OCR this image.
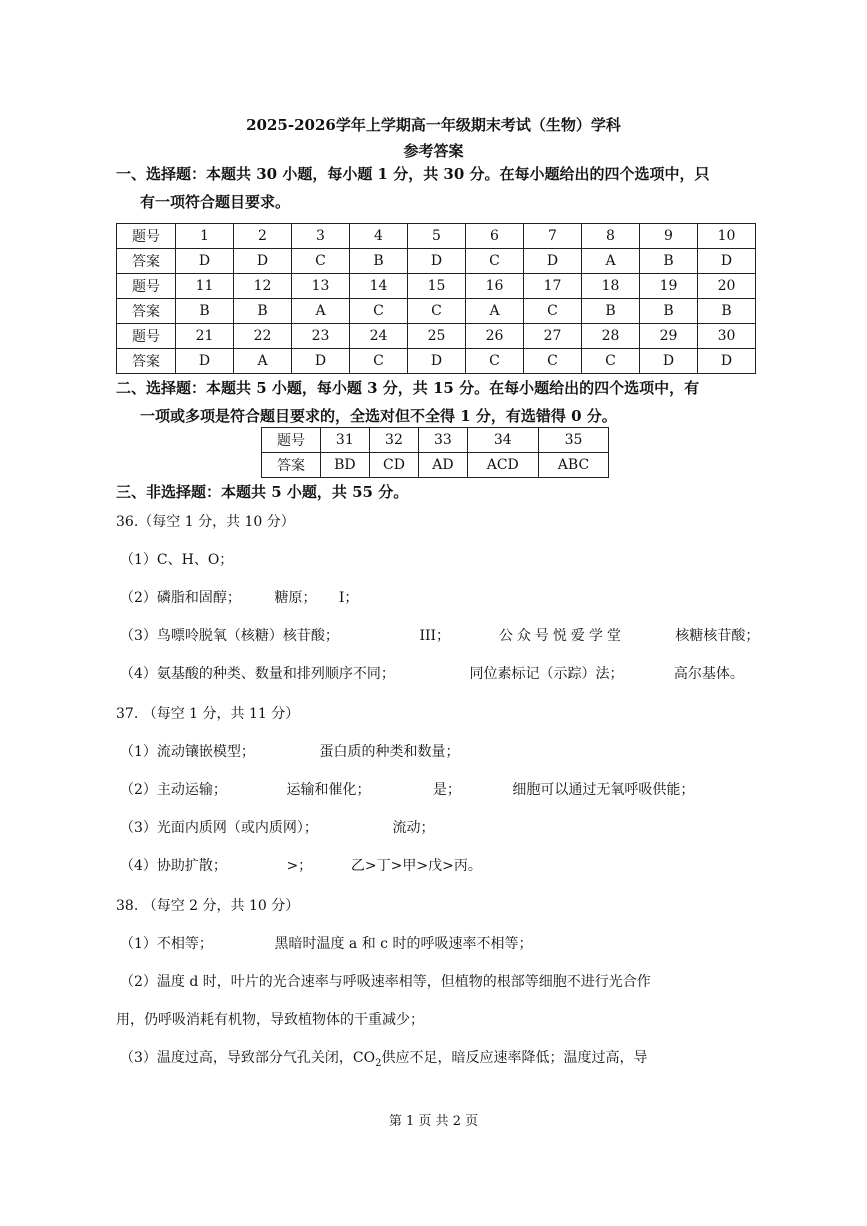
2025-2026学年上学期高一年级期末考试（生物）学科
参考答案
一、选择题：本题共 30 小题，每小题 1 分，共 30 分。在每小题给出的四个选项中，只
有一项符合题目要求。
题号	1	2	3	4	5	6	7	8	9	10
答案	D	D	C	B	D	C	D	A	B	D
题号	11	12	13	14	15	16	17	18	19	20
答案	B	B	A	C	C	A	C	B	B	B
题号	21	22	23	24	25	26	27	28	29	30
答案	D	A	D	C	D	C	C	C	D	D
二、选择题：本题共 5 小题，每小题 3 分，共 15 分。在每小题给出的四个选项中，有
一项或多项是符合题目要求的，全选对但不全得 1 分，有选错得 0 分。
题号	31	32	33	34	35
答案	BD	CD	AD	ACD	ABC
三、非选择题：本题共 5 小题，共 55 分。
36.（每空 1 分，共 10 分）
（1）C、H、O；
（2）磷脂和固醇； 糖原； I；
（3）鸟嘌呤脱氧（核糖）核苷酸；	III；	公众号悦爱学堂	核糖核苷酸；
（4）氨基酸的种类、数量和排列顺序不同；	同位素标记（示踪）法；	高尔基体。
37. （每空 1 分，共 11 分）
（1）流动镶嵌模型；	蛋白质的种类和数量；
（2）主动运输；	运输和催化；	是；	细胞可以通过无氧呼吸供能；
（3）光面内质网（或内质网）；	流动；
（4）协助扩散；	>；	乙>丁>甲>戊>丙。
38. （每空 2 分，共 10 分）
（1）不相等；	黑暗时温度 a 和 c 时的呼吸速率不相等；
（2）温度 d 时，叶片的光合速率与呼吸速率相等，但植物的根部等细胞不进行光合作
用，仍呼吸消耗有机物，导致植物体的干重减少；
（3）温度过高，导致部分气孔关闭，$CO_2$供应不足，暗反应速率降低；温度过高，导
第 1 页 共 2 页
